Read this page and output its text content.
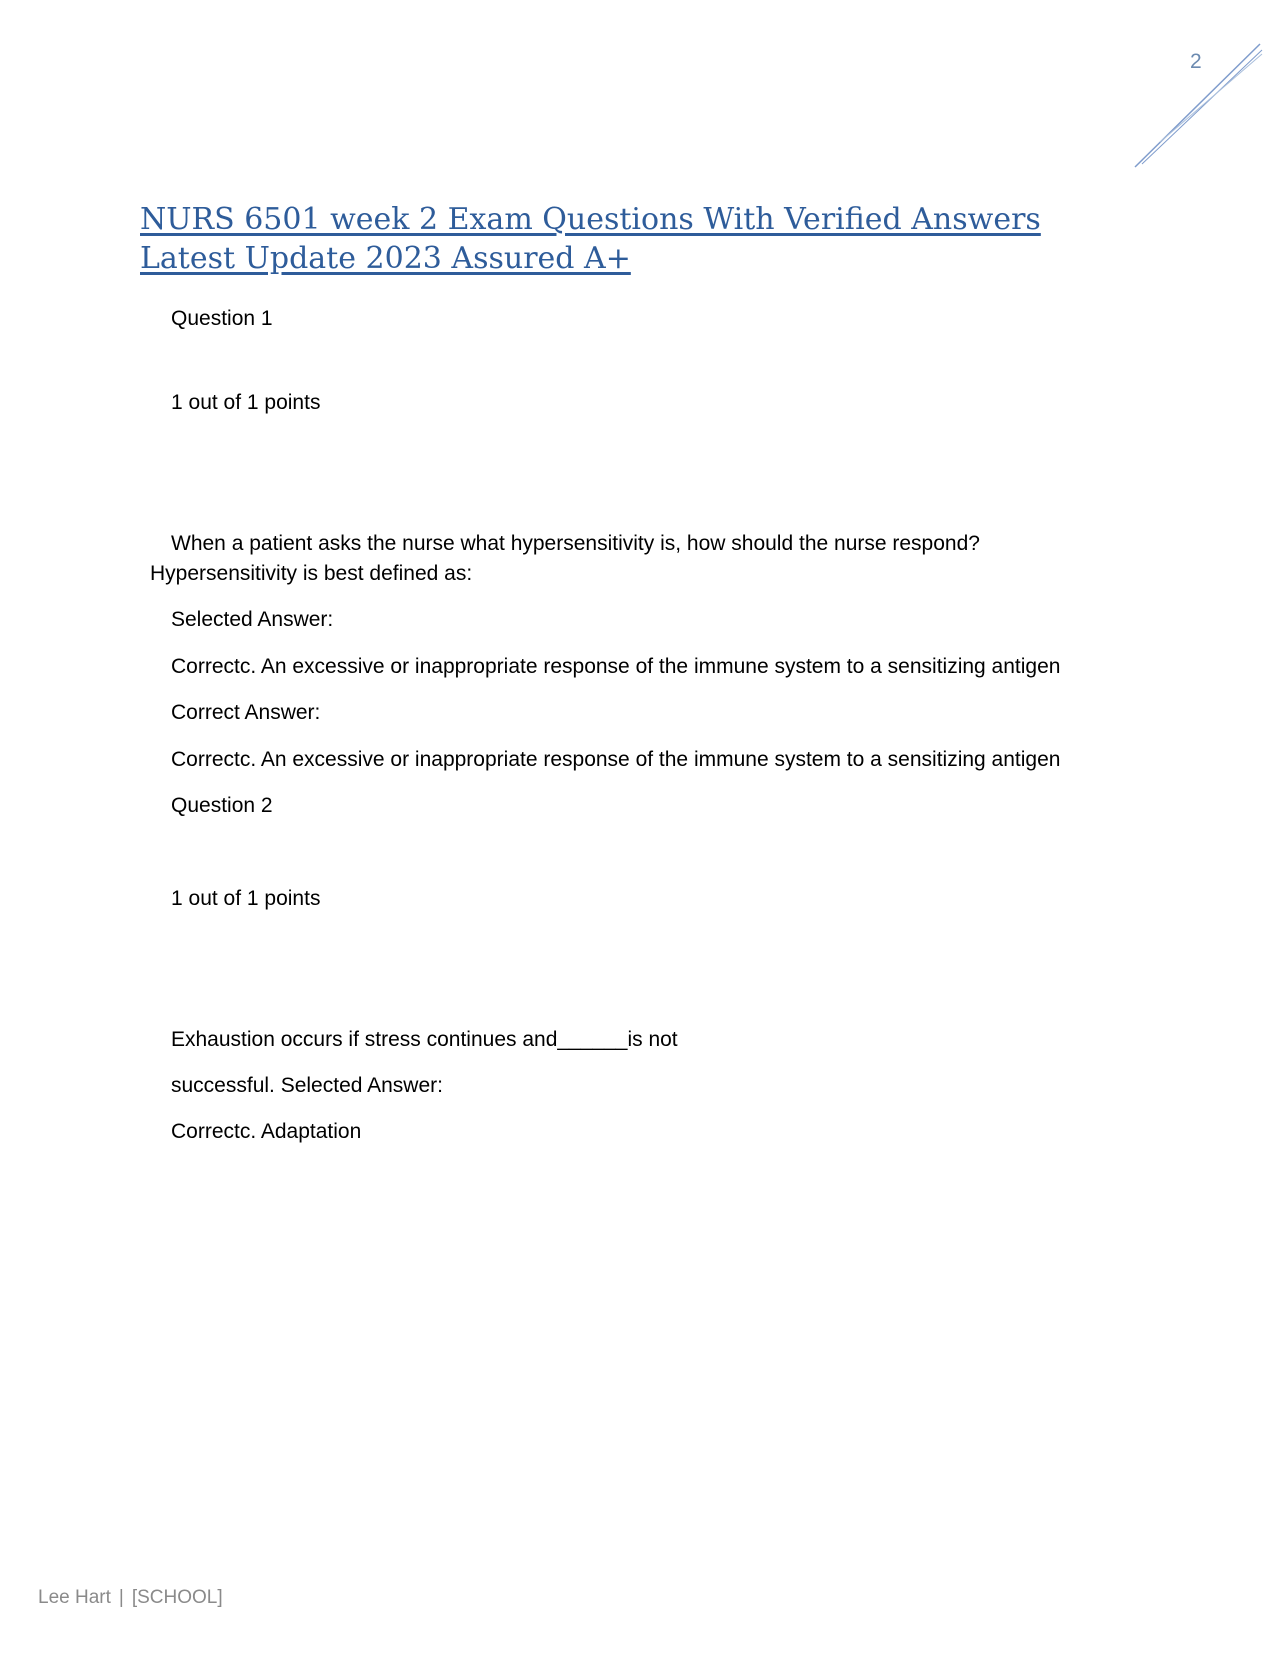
2
NURS 6501 week 2 Exam Questions With Verified Answers Latest Update 2023 Assured A+
Question 1
1 out of 1 points
When a patient asks the nurse what hypersensitivity is, how should the nurse respond?
Hypersensitivity is best defined as:
Selected Answer:
Correctc. An excessive or inappropriate response of the immune system to a sensitizing antigen
Correct Answer:
Correctc. An excessive or inappropriate response of the immune system to a sensitizing antigen
Question 2
1 out of 1 points
Exhaustion occurs if stress continues and______is not
successful. Selected Answer:
Correctc. Adaptation
Lee Hart | [SCHOOL]
